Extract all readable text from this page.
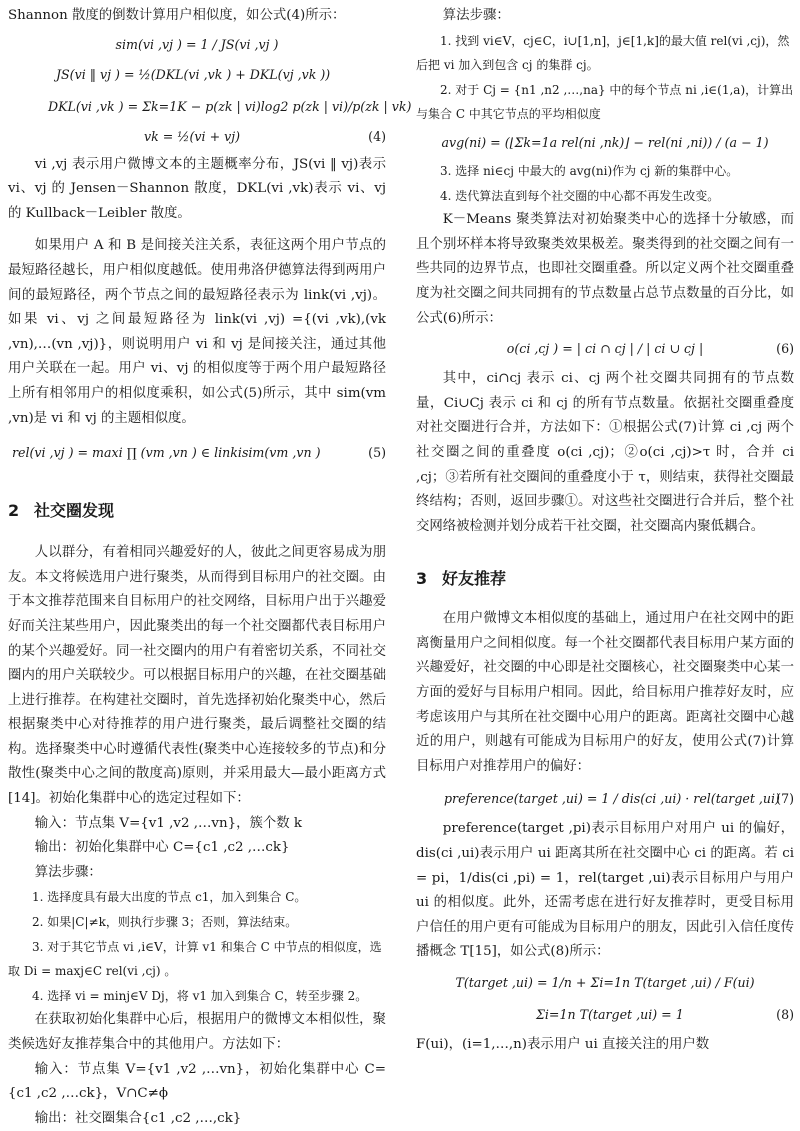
Shannon 散度的倒数计算用户相似度，如公式(4)所示：

sim(vi ,vj ) = 1 / JS(vi ,vj )

JS(vi ‖ vj ) = ½(DKL(vi ,vk ) + DKL(vj ,vk ))

DKL(vi ,vk ) = Σk=1K − p(zk | vi)log2 p(zk | vi)/p(zk | vk)

vk = ½(vi + vj)	(4)

vi ,vj 表示用户微博文本的主题概率分布，JS(vi ‖ vj)表示 vi、vj 的 Jensen－Shannon 散度，DKL(vi ,vk)表示 vi、vj 的 Kullback－Leibler 散度。

如果用户 A 和 B 是间接关注关系，表征这两个用户节点的最短路径越长，用户相似度越低。使用弗洛伊德算法得到两用户间的最短路径，两个节点之间的最短路径表示为 link(vi ,vj)。如果 vi、vj 之间最短路径为 link(vi ,vj) ={(vi ,vk),(vk ,vn),…(vn ,vj)}，则说明用户 vi 和 vj 是间接关注，通过其他用户关联在一起。用户 vi、vj 的相似度等于两个用户最短路径上所有相邻用户的相似度乘积，如公式(5)所示，其中 sim(vm ,vn)是 vi 和 vj 的主题相似度。

rel(vi ,vj ) = maxi ∏ (vm ,vn ) ∈ linkisim(vm ,vn )	(5)

2 社交圈发现

人以群分，有着相同兴趣爱好的人，彼此之间更容易成为朋友。本文将候选用户进行聚类，从而得到目标用户的社交圈。由于本文推荐范围来自目标用户的社交网络，目标用户出于兴趣爱好而关注某些用户，因此聚类出的每一个社交圈都代表目标用户的某个兴趣爱好。同一社交圈内的用户有着密切关系，不同社交圈内的用户关联较少。可以根据目标用户的兴趣，在社交圈基础上进行推荐。在构建社交圈时，首先选择初始化聚类中心，然后根据聚类中心对待推荐的用户进行聚类，最后调整社交圈的结构。选择聚类中心时遵循代表性(聚类中心连接较多的节点)和分散性(聚类中心之间的散度高)原则，并采用最大—最小距离方式[14]。初始化集群中心的选定过程如下：

输入：节点集 V={v1 ,v2 ,…vn}，簇个数 k

输出：初始化集群中心 C={c1 ,c2 ,…ck}

算法步骤：

1. 选择度具有最大出度的节点 c1，加入到集合 C。

2. 如果|C|≠k，则执行步骤 3；否则，算法结束。

3. 对于其它节点 vi ,i∈V，计算 v1 和集合 C 中节点的相似度，选取 Di = maxj∈C rel(vi ,cj) 。

4. 选择 vi = minj∈V Dj，将 v1 加入到集合 C，转至步骤 2。

在获取初始化集群中心后，根据用户的微博文本相似性，聚类候选好友推荐集合中的其他用户。方法如下：

输入：节点集 V={v1 ,v2 ,…vn}，初始化集群中心 C={c1 ,c2 ,…ck}，V∩C≠ϕ

输出：社交圈集合{c1 ,c2 ,…,ck}

算法步骤：

1. 找到 vi∈V，cj∈C，i∪[1,n]，j∈[1,k]的最大值 rel(vi ,cj)，然后把 vi 加入到包含 cj 的集群 cj。

2. 对于 Cj = {n1 ,n2 ,…,na} 中的每个节点 ni ,i∈(1,a)，计算出与集合 C 中其它节点的平均相似度

avg(ni) = (⌊Σk=1a rel(ni ,nk)⌋ − rel(ni ,ni)) / (a − 1)

3. 选择 ni∈cj 中最大的 avg(ni)作为 cj 新的集群中心。

4. 迭代算法直到每个社交圈的中心都不再发生改变。

K－Means 聚类算法对初始聚类中心的选择十分敏感，而且个别坏样本将导致聚类效果极差。聚类得到的社交圈之间有一些共同的边界节点，也即社交圈重叠。所以定义两个社交圈重叠度为社交圈之间共同拥有的节点数量占总节点数量的百分比，如公式(6)所示：

o(ci ,cj ) = | ci ∩ cj | / | ci ∪ cj |	(6)

其中，ci∩cj 表示 ci、cj 两个社交圈共同拥有的节点数量，Ci∪Cj 表示 ci 和 cj 的所有节点数量。依据社交圈重叠度对社交圈进行合并，方法如下：①根据公式(7)计算 ci ,cj 两个社交圈之间的重叠度 o(ci ,cj)；②o(ci ,cj)>τ 时，合并 ci ,cj；③若所有社交圈间的重叠度小于 τ，则结束，获得社交圈最终结构；否则，返回步骤①。对这些社交圈进行合并后，整个社交网络被检测并划分成若干社交圈，社交圈高内聚低耦合。

3 好友推荐

在用户微博文本相似度的基础上，通过用户在社交网中的距离衡量用户之间相似度。每一个社交圈都代表目标用户某方面的兴趣爱好，社交圈的中心即是社交圈核心，社交圈聚类中心某一方面的爱好与目标用户相同。因此，给目标用户推荐好友时，应考虑该用户与其所在社交圈中心用户的距离。距离社交圈中心越近的用户，则越有可能成为目标用户的好友，使用公式(7)计算目标用户对推荐用户的偏好：

preference(target ,ui) = 1 / dis(ci ,ui) · rel(target ,ui)
(7)

preference(target ,pi)表示目标用户对用户 ui 的偏好，dis(ci ,ui)表示用户 ui 距离其所在社交圈中心 ci 的距离。若 ci = pi，1/dis(ci ,pi) = 1，rel(target ,ui)表示目标用户与用户 ui 的相似度。此外，还需考虑在进行好友推荐时，更受目标用户信任的用户更有可能成为目标用户的朋友，因此引入信任度传播概念 T[15]，如公式(8)所示：

T(target ,ui) = 1/n + Σi=1n T(target ,ui) / F(ui)

Σi=1n T(target ,ui) = 1	(8)

F(ui)，(i=1,…,n)表示用户 ui 直接关注的用户数
